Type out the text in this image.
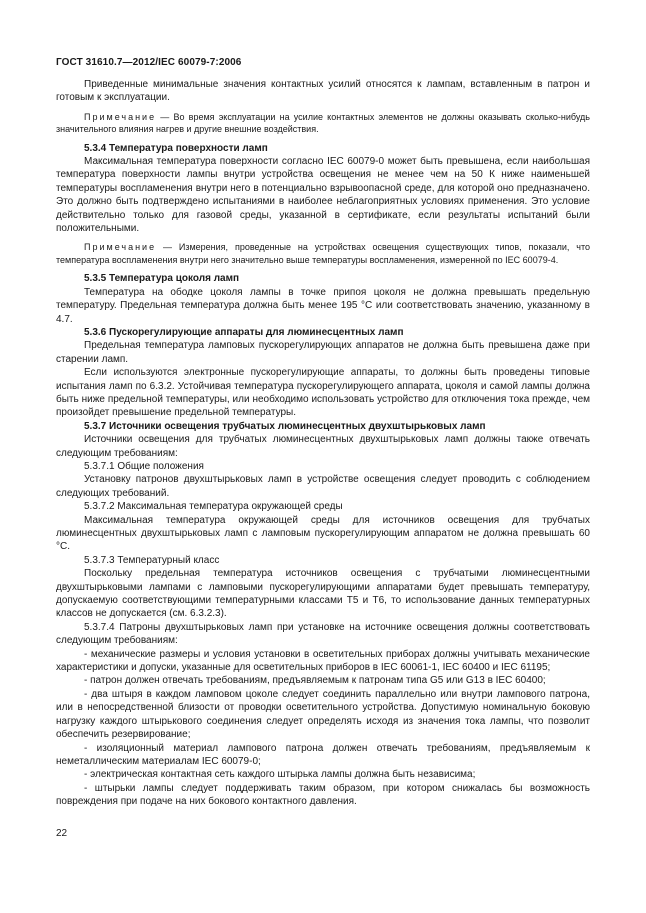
ГОСТ 31610.7—2012/IEC 60079-7:2006

Приведенные минимальные значения контактных усилий относятся к лампам, вставленным в патрон и готовым к эксплуатации.

Примечание — Во время эксплуатации на усилие контактных элементов не должны оказывать сколько-нибудь значительного влияния нагрев и другие внешние воздействия.

5.3.4 Температура поверхности ламп

Максимальная температура поверхности согласно IEC 60079-0 может быть превышена, если наибольшая температура поверхности лампы внутри устройства освещения не менее чем на 50 К ниже наименьшей температуры воспламенения внутри него в потенциально взрывоопасной среде, для которой оно предназначено. Это должно быть подтверждено испытаниями в наиболее неблагоприятных условиях применения. Это условие действительно только для газовой среды, указанной в сертификате, если результаты испытаний были положительными.

Примечание — Измерения, проведенные на устройствах освещения существующих типов, показали, что температура воспламенения внутри него значительно выше температуры воспламенения, измеренной по IEC 60079-4.

5.3.5 Температура цоколя ламп

Температура на ободке цоколя лампы в точке припоя цоколя не должна превышать предельную температуру. Предельная температура должна быть менее 195 °С или соответствовать значению, указанному в 4.7.

5.3.6 Пускорегулирующие аппараты для люминесцентных ламп

Предельная температура ламповых пускорегулирующих аппаратов не должна быть превышена даже при старении ламп.

Если используются электронные пускорегулирующие аппараты, то должны быть проведены типовые испытания ламп по 6.3.2. Устойчивая температура пускорегулирующего аппарата, цоколя и самой лампы должна быть ниже предельной температуры, или необходимо использовать устройство для отключения тока прежде, чем произойдет превышение предельной температуры.

5.3.7 Источники освещения трубчатых люминесцентных двухштырьковых ламп

Источники освещения для трубчатых люминесцентных двухштырьковых ламп должны также отвечать следующим требованиям:

5.3.7.1 Общие положения

Установку патронов двухштырьковых ламп в устройстве освещения следует проводить с соблюдением следующих требований.

5.3.7.2 Максимальная температура окружающей среды

Максимальная температура окружающей среды для источников освещения для трубчатых люминесцентных двухштырьковых ламп с ламповым пускорегулирующим аппаратом не должна превышать 60 °С.

5.3.7.3 Температурный класс

Поскольку предельная температура источников освещения с трубчатыми люминесцентными двухштырьковыми лампами с ламповыми пускорегулирующими аппаратами будет превышать температуру, допускаемую соответствующими температурными классами Т5 и Т6, то использование данных температурных классов не допускается (см. 6.3.2.3).

5.3.7.4 Патроны двухштырьковых ламп при установке на источнике освещения должны соответствовать следующим требованиям:

- механические размеры и условия установки в осветительных приборах должны учитывать механические характеристики и допуски, указанные для осветительных приборов в IEC 60061-1, IEC 60400 и IEC 61195;

- патрон должен отвечать требованиям, предъявляемым к патронам типа G5 или G13 в IEC 60400;

- два штыря в каждом ламповом цоколе следует соединить параллельно или внутри лампового патрона, или в непосредственной близости от проводки осветительного устройства. Допустимую номинальную боковую нагрузку каждого штырькового соединения следует определять исходя из значения тока лампы, что позволит обеспечить резервирование;

- изоляционный материал лампового патрона должен отвечать требованиям, предъявляемым к неметаллическим материалам IEC 60079-0;

- электрическая контактная сеть каждого штырька лампы должна быть независима;

- штырьки лампы следует поддерживать таким образом, при котором снижалась бы возможность повреждения при подаче на них бокового контактного давления.

22
